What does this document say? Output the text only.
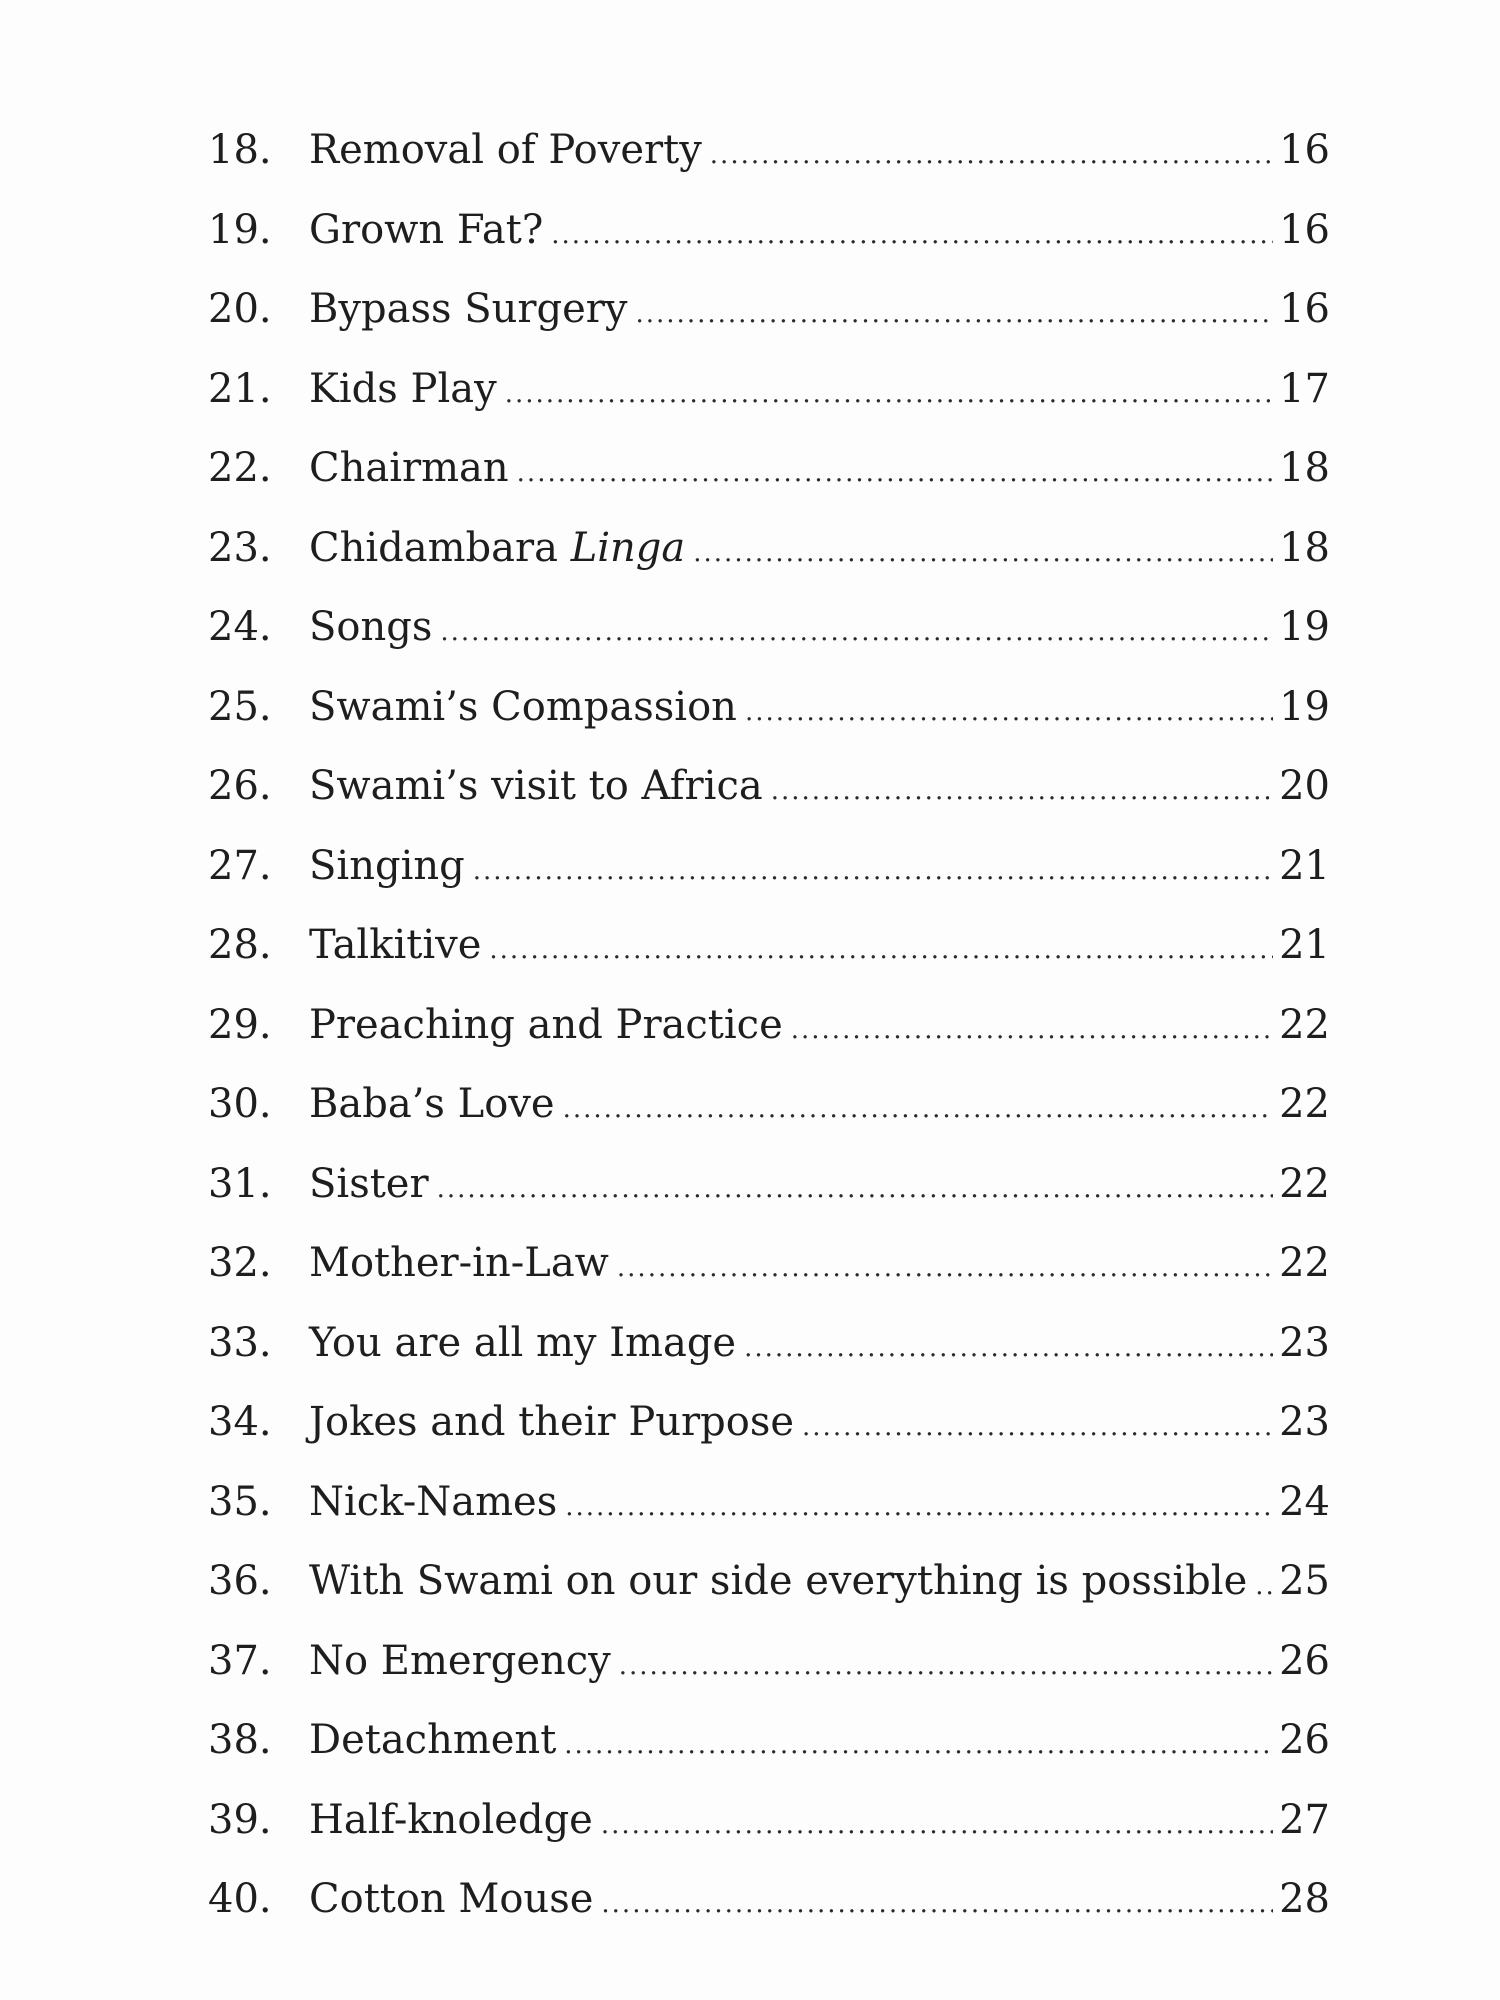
18. Removal of Poverty .....	16
19. Grown Fat? .....	16
20. Bypass Surgery .....	16
21. Kids Play .....	17
22. Chairman .....	18
23. Chidambara Linga .....	18
24. Songs .....	19
25. Swami’s Compassion .....	19
26. Swami’s visit to Africa .....	20
27. Singing .....	21
28. Talkitive .....	21
29. Preaching and Practice .....	22
30. Baba’s Love .....	22
31. Sister .....	22
32. Mother-in-Law .....	22
33. You are all my Image .....	23
34. Jokes and their Purpose .....	23
35. Nick-Names .....	24
36. With Swami on our side everything is possible ..... 25
37. No Emergency .....	26
38. Detachment .....	26
39. Half-knoledge .....	27
40. Cotton Mouse .....	28
